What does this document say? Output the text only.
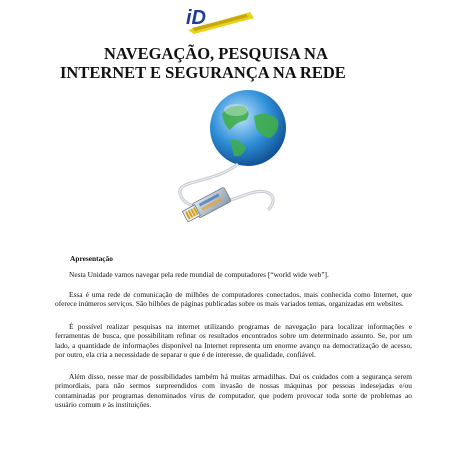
iD
NAVEGAÇÃO, PESQUISA NA
INTERNET E SEGURANÇA NA REDE
Apresentação

Nesta Unidade vamos navegar pela rede mundial de computadores [“world wide web”].

Essa é uma rede de comunicação de milhões de computadores conectados, mais conhecida como Internet, que oferece inúmeros serviços. São bilhões de páginas publicadas sobre os mais variados temas, organizadas em websites.

É possível realizar pesquisas na internet utilizando programas de navegação para localizar informações e ferramentas de busca, que possibilitam refinar os resultados encontrados sobre um determinado assunto. Se, por um lado, a quantidade de informações disponível na Internet representa um enorme avanço na democratização de acesso, por outro, ela cria a necessidade de separar o que é de interesse, de qualidade, confiável.

Além disso, nesse mar de possibilidades também há muitas armadilhas. Daí os cuidados com a segurança serem primordiais, para não sermos surpreendidos com invasão de nossas máquinas por pessoas indesejadas e/ou contaminadas por programas denominados vírus de computador, que podem provocar toda sorte de problemas ao usuário comum e às instituições.
